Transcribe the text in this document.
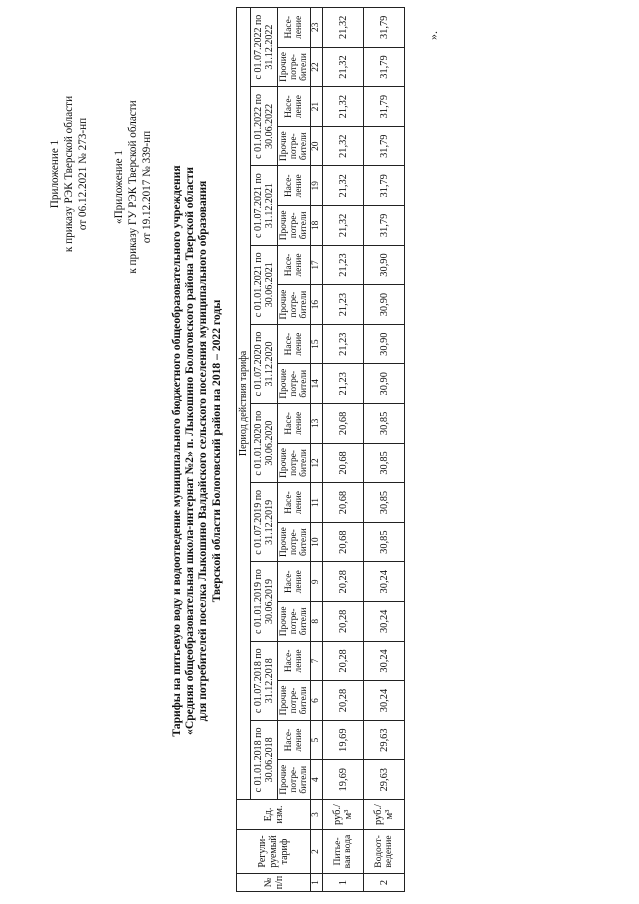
Приложение 1 к приказу РЭК Тверской области от 06.12.2021 № 273-нп «Приложение 1 к приказу ГУ РЭК Тверской области от 19.12.2017 № 339-нп Тарифы на питьевую воду и водоотведение муниципального бюджетного общеобразовательного учреждения «Средняя общеобразовательная школа-интернат №2» п. Лыкошино Бологовского района Тверской области для потребителей поселка Лыкошино Валдайского сельского поселения муниципального образования Тверской области Бологовский район на 2018 – 2022 годы
№ п/п	Регули- руемый тариф	Ед. изм.	Период действия тарифа																			
			с 01.01.2018 по 30.06.2018		с 01.07.2018 по 31.12.2018		с 01.01.2019 по 30.06.2019		с 01.07.2019 по 31.12.2019		с 01.01.2020 по 30.06.2020		с 01.07.2020 по 31.12.2020		с 01.01.2021 по 30.06.2021		с 01.07.2021 по 31.12.2021		с 01.01.2022 по 30.06.2022		с 01.07.2022 по 31.12.2022	
			Прочие потре- бители	Насе- ление	Прочие потре- бители	Насе- ление	Прочие потре- бители	Насе- ление	Прочие потре- бители	Насе- ление	Прочие потре- бители	Насе- ление	Прочие потре- бители	Насе- ление	Прочие потре- бители	Насе- ление	Прочие потре- бители	Насе- ление	Прочие потре- бители	Насе- ление	Прочие потре- бители	Насе- ление
1	2	3	4	5	6	7	8	9	10	11	12	13	14	15	16	17	18	19	20	21	22	23
1	Питье- вая вода	руб./м³	19,69	19,69	20,28	20,28	20,28	20,28	20,68	20,68	20,68	20,68	21,23	21,23	21,23	21,23	21,32	21,32	21,32	21,32	21,32	21,32
2	Водоот- ведение	руб./м³	29,63	29,63	30,24	30,24	30,24	30,24	30,85	30,85	30,85	30,85	30,90	30,90	30,90	30,90	31,79	31,79	31,79	31,79	31,79	31,79	».
